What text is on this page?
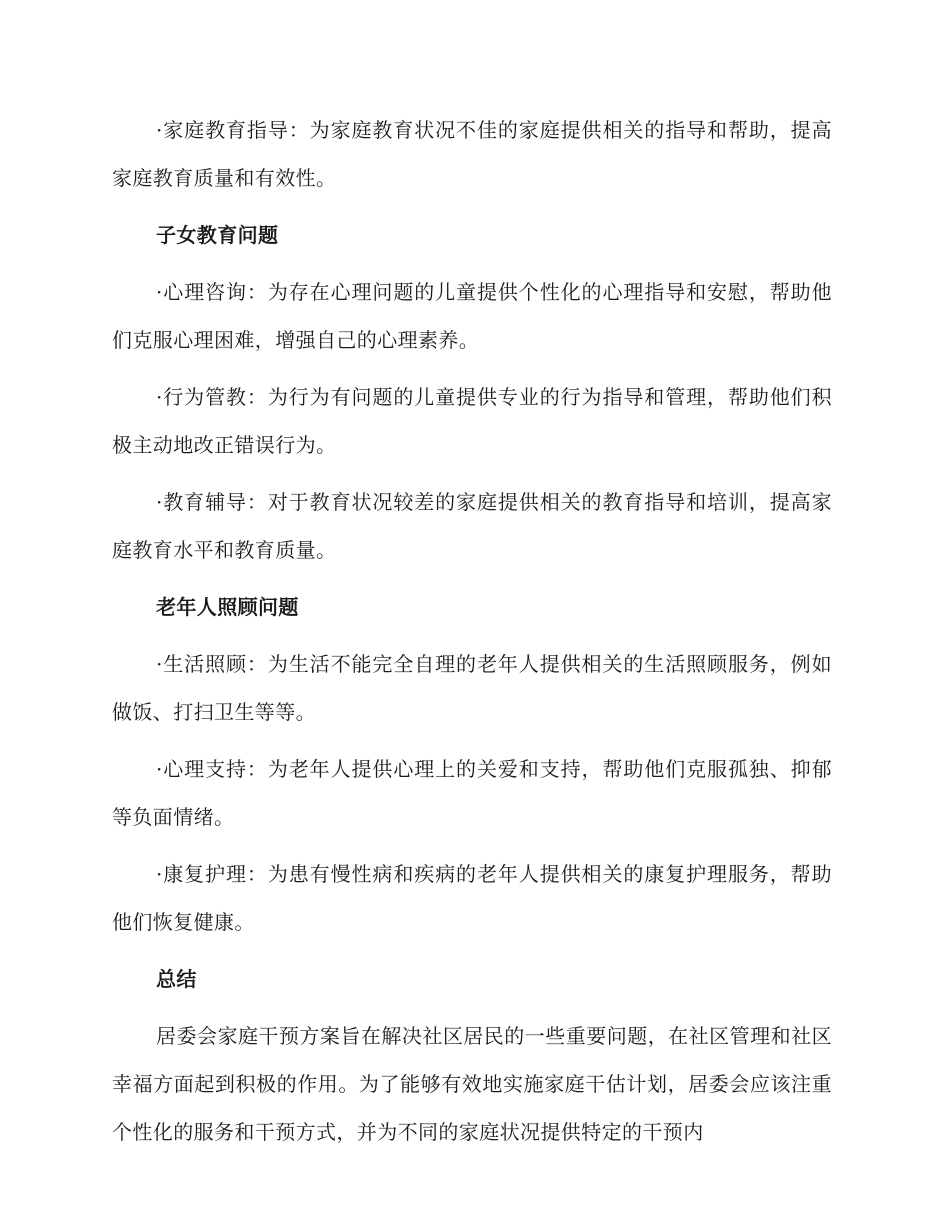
·家庭教育指导：为家庭教育状况不佳的家庭提供相关的指导和帮助，提高家庭教育质量和有效性。

子女教育问题

·心理咨询：为存在心理问题的儿童提供个性化的心理指导和安慰，帮助他们克服心理困难，增强自己的心理素养。

·行为管教：为行为有问题的儿童提供专业的行为指导和管理，帮助他们积极主动地改正错误行为。

·教育辅导：对于教育状况较差的家庭提供相关的教育指导和培训，提高家庭教育水平和教育质量。

老年人照顾问题

·生活照顾：为生活不能完全自理的老年人提供相关的生活照顾服务，例如做饭、打扫卫生等等。

·心理支持：为老年人提供心理上的关爱和支持，帮助他们克服孤独、抑郁等负面情绪。

·康复护理：为患有慢性病和疾病的老年人提供相关的康复护理服务，帮助他们恢复健康。

总结

居委会家庭干预方案旨在解决社区居民的一些重要问题，在社区管理和社区幸福方面起到积极的作用。为了能够有效地实施家庭干估计划，居委会应该注重个性化的服务和干预方式，并为不同的家庭状况提供特定的干预内
